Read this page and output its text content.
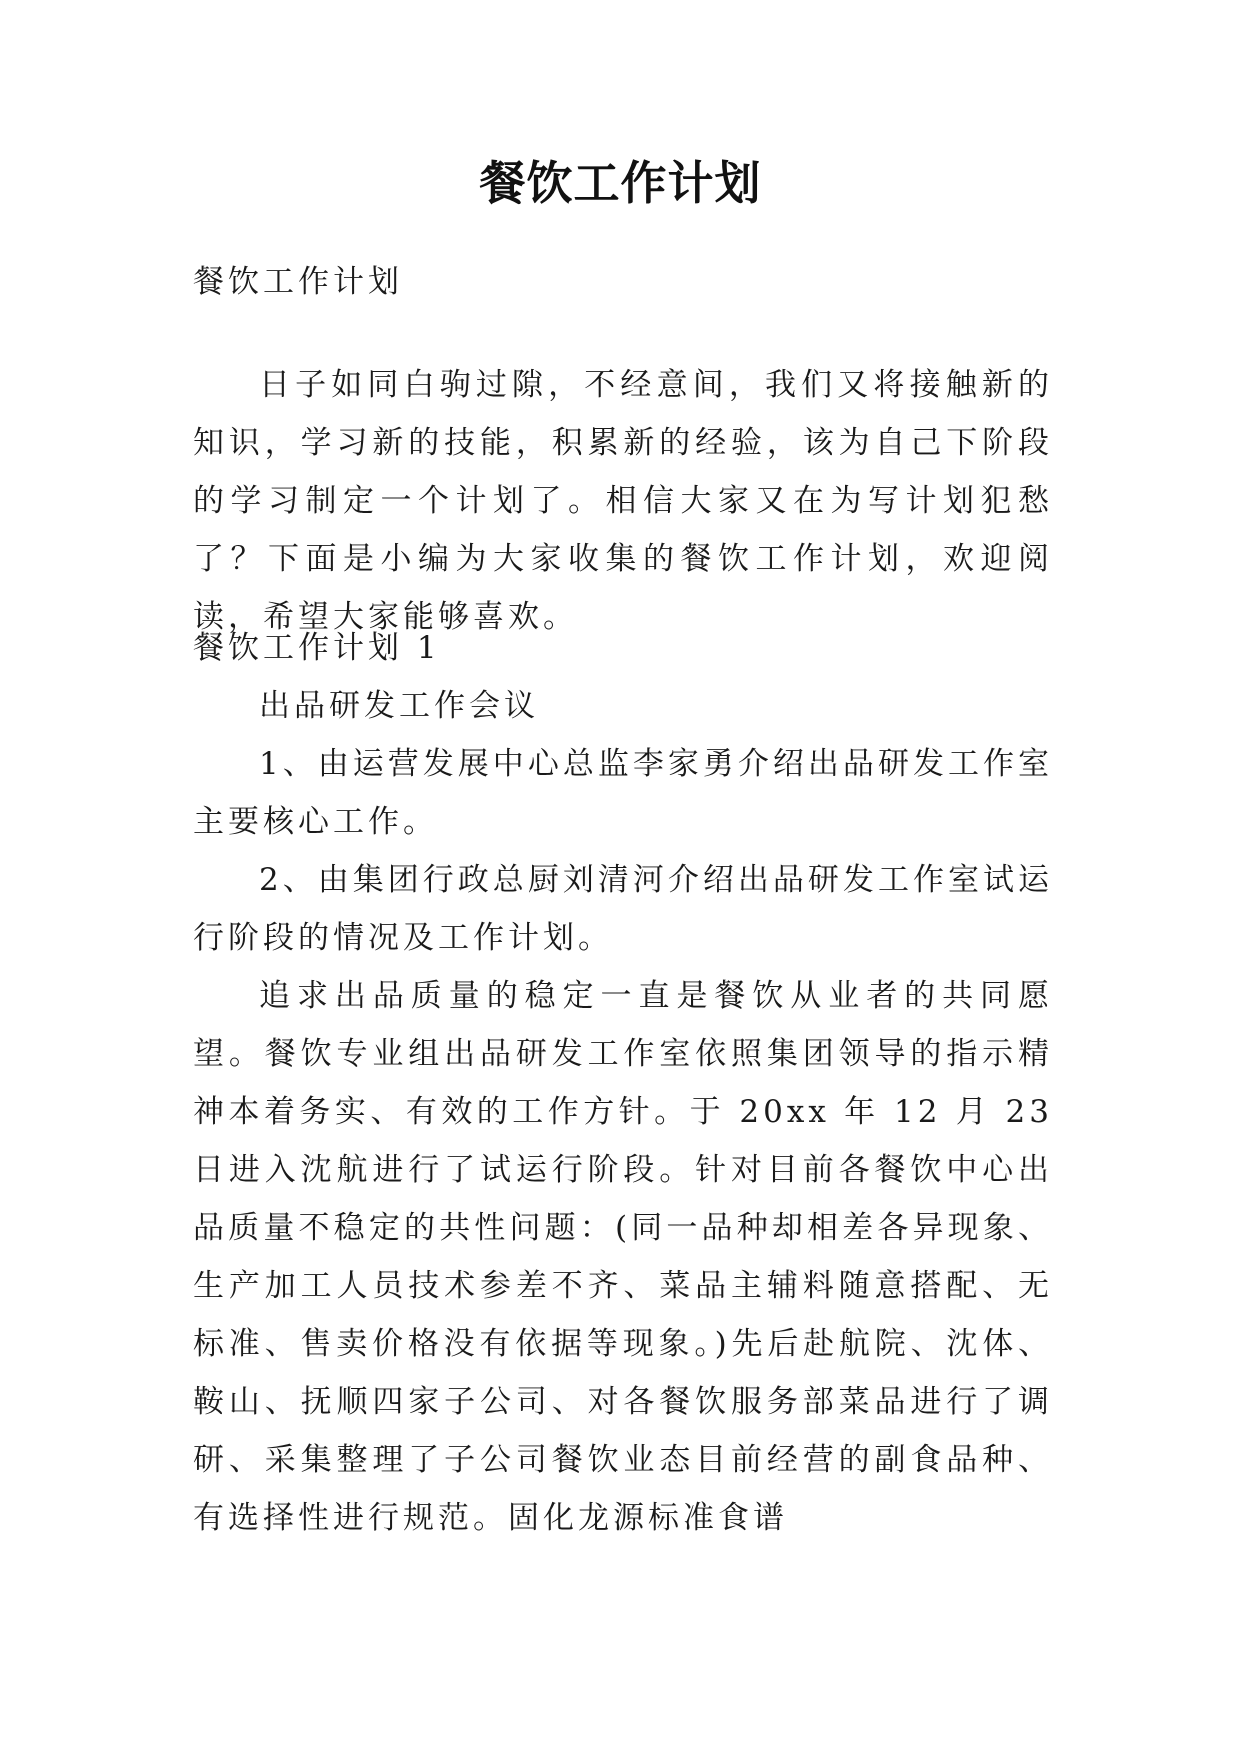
餐饮工作计划

餐饮工作计划

日子如同白驹过隙，不经意间，我们又将接触新的知识，学习新的技能，积累新的经验，该为自己下阶段的学习制定一个计划了。相信大家又在为写计划犯愁了？下面是小编为大家收集的餐饮工作计划，欢迎阅读，希望大家能够喜欢。

餐饮工作计划 1

出品研发工作会议

1、由运营发展中心总监李家勇介绍出品研发工作室主要核心工作。

2、由集团行政总厨刘清河介绍出品研发工作室试运行阶段的情况及工作计划。

追求出品质量的稳定一直是餐饮从业者的共同愿望。餐饮专业组出品研发工作室依照集团领导的指示精神本着务实、有效的工作方针。于 20xx 年 12 月 23 日进入沈航进行了试运行阶段。针对目前各餐饮中心出品质量不稳定的共性问题：(同一品种却相差各异现象、生产加工人员技术参差不齐、菜品主辅料随意搭配、无标准、售卖价格没有依据等现象。)先后赴航院、沈体、鞍山、抚顺四家子公司、对各餐饮服务部菜品进行了调研、采集整理了子公司餐饮业态目前经营的副食品种、有选择性进行规范。固化龙源标准食谱
